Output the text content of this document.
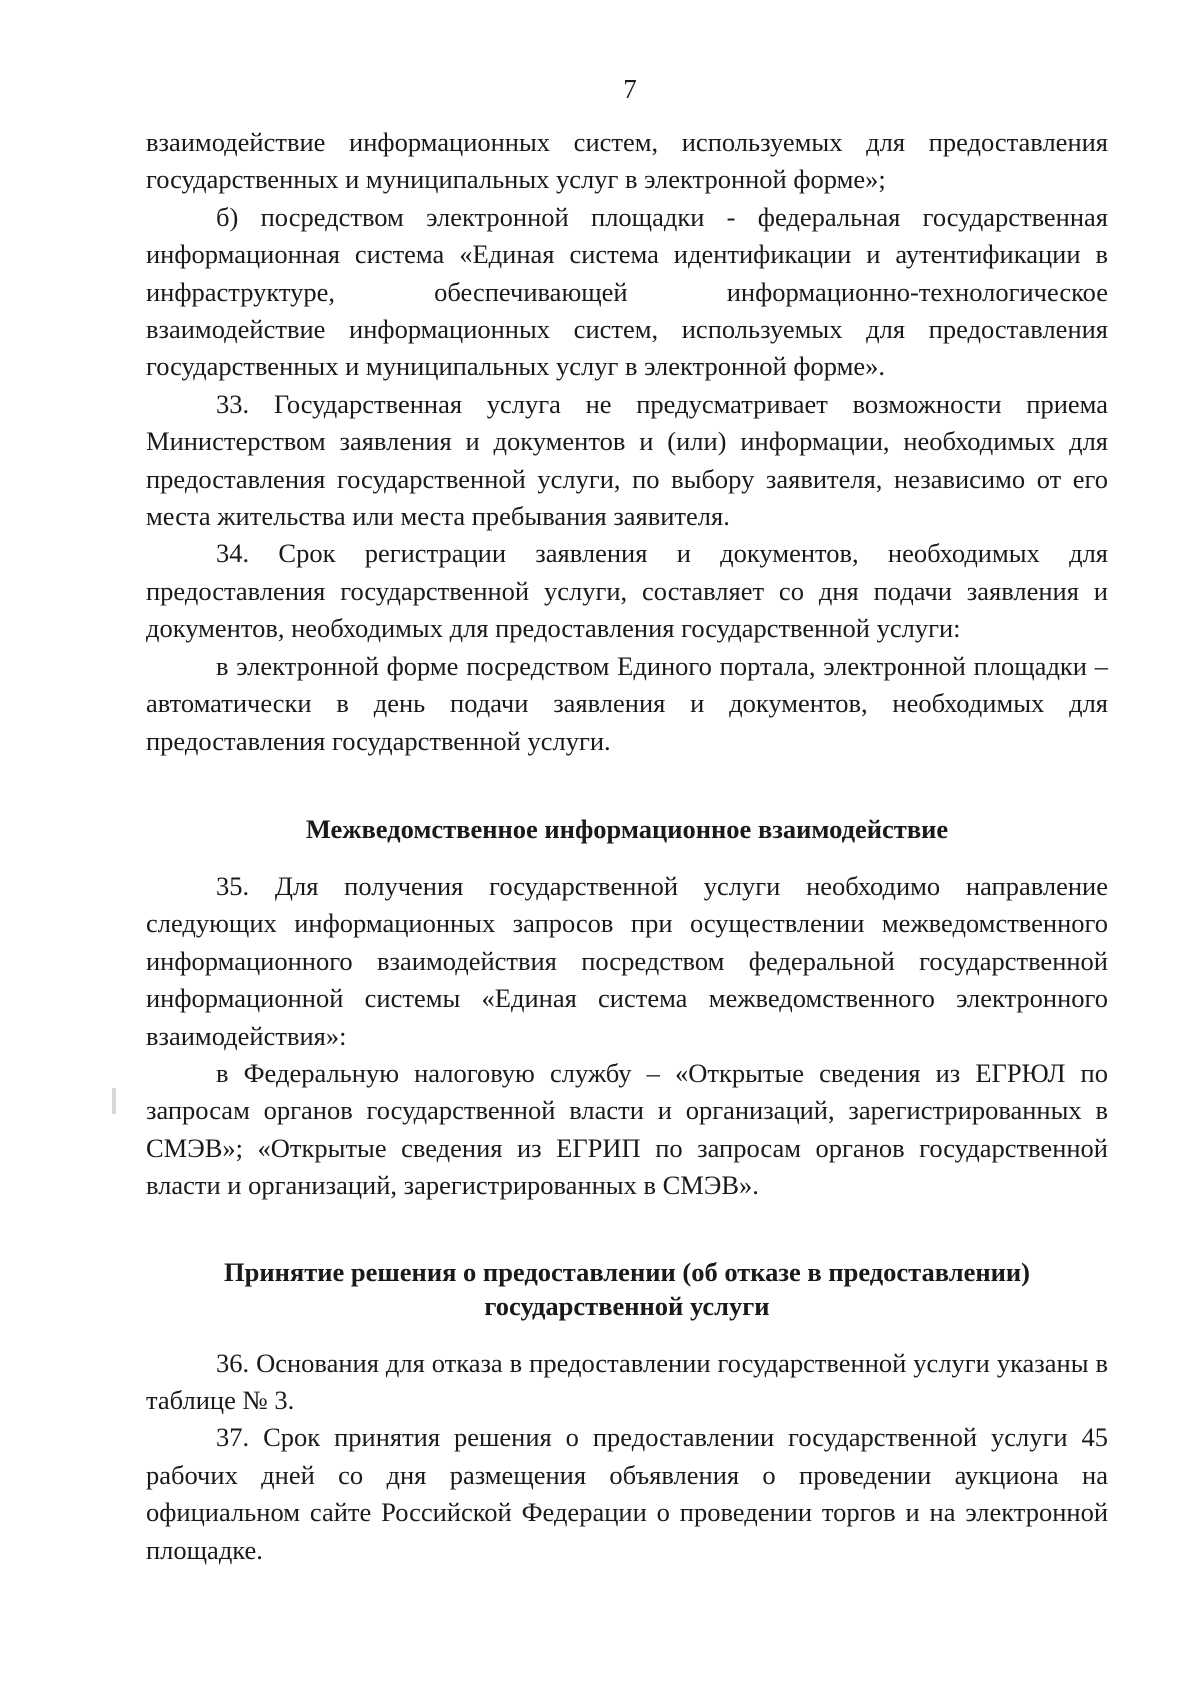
7

взаимодействие информационных систем, используемых для предоставления государственных и муниципальных услуг в электронной форме»;

б) посредством электронной площадки - федеральная государственная информационная система «Единая система идентификации и аутентификации в инфраструктуре, обеспечивающей информационно-технологическое взаимодействие информационных систем, используемых для предоставления государственных и муниципальных услуг в электронной форме».

33. Государственная услуга не предусматривает возможности приема Министерством заявления и документов и (или) информации, необходимых для предоставления государственной услуги, по выбору заявителя, независимо от его места жительства или места пребывания заявителя.

34. Срок регистрации заявления и документов, необходимых для предоставления государственной услуги, составляет со дня подачи заявления и документов, необходимых для предоставления государственной услуги:

в электронной форме посредством Единого портала, электронной площадки – автоматически в день подачи заявления и документов, необходимых для предоставления государственной услуги.

Межведомственное информационное взаимодействие

35. Для получения государственной услуги необходимо направление следующих информационных запросов при осуществлении межведомственного информационного взаимодействия посредством федеральной государственной информационной системы «Единая система межведомственного электронного взаимодействия»:

в Федеральную налоговую службу – «Открытые сведения из ЕГРЮЛ по запросам органов государственной власти и организаций, зарегистрированных в СМЭВ»; «Открытые сведения из ЕГРИП по запросам органов государственной власти и организаций, зарегистрированных в СМЭВ».

Принятие решения о предоставлении (об отказе в предоставлении)
государственной услуги

36. Основания для отказа в предоставлении государственной услуги указаны в таблице № 3.

37. Срок принятия решения о предоставлении государственной услуги 45 рабочих дней со дня размещения объявления о проведении аукциона на официальном сайте Российской Федерации о проведении торгов и на электронной площадке.
